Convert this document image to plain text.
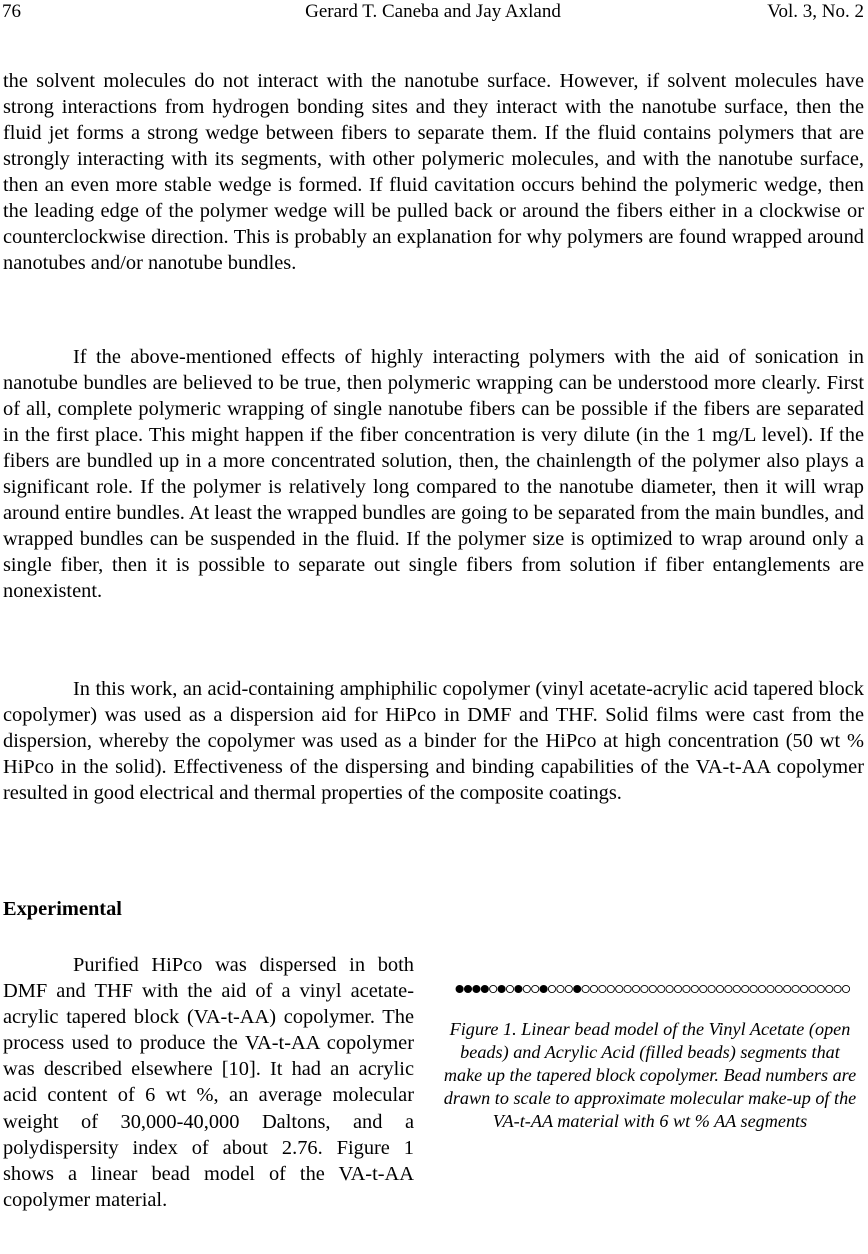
76	Gerard T. Caneba and Jay Axland	Vol. 3, No. 2

the solvent molecules do not interact with the nanotube surface. However, if solvent molecules have strong interactions from hydrogen bonding sites and they interact with the nanotube surface, then the fluid jet forms a strong wedge between fibers to separate them. If the fluid contains polymers that are strongly interacting with its segments, with other polymeric molecules, and with the nanotube surface, then an even more stable wedge is formed. If fluid cavitation occurs behind the polymeric wedge, then the leading edge of the polymer wedge will be pulled back or around the fibers either in a clockwise or counterclockwise direction. This is probably an explanation for why polymers are found wrapped around nanotubes and/or nanotube bundles.

If the above-mentioned effects of highly interacting polymers with the aid of sonication in nanotube bundles are believed to be true, then polymeric wrapping can be understood more clearly. First of all, complete polymeric wrapping of single nanotube fibers can be possible if the fibers are separated in the first place. This might happen if the fiber concentration is very dilute (in the 1 mg/L level). If the fibers are bundled up in a more concentrated solution, then, the chainlength of the polymer also plays a significant role. If the polymer is relatively long compared to the nanotube diameter, then it will wrap around entire bundles. At least the wrapped bundles are going to be separated from the main bundles, and wrapped bundles can be suspended in the fluid. If the polymer size is optimized to wrap around only a single fiber, then it is possible to separate out single fibers from solution if fiber entanglements are nonexistent.

In this work, an acid-containing amphiphilic copolymer (vinyl acetate-acrylic acid tapered block copolymer) was used as a dispersion aid for HiPco in DMF and THF. Solid films were cast from the dispersion, whereby the copolymer was used as a binder for the HiPco at high concentration (50 wt % HiPco in the solid). Effectiveness of the dispersing and binding capabilities of the VA-t-AA copolymer resulted in good electrical and thermal properties of the composite coatings.

Experimental

Purified HiPco was dispersed in both DMF and THF with the aid of a vinyl acetate-acrylic tapered block (VA-t-AA) copolymer. The process used to produce the VA-t-AA copolymer was described elsewhere [10]. It had an acrylic acid content of 6 wt %, an average molecular weight of 30,000-40,000 Daltons, and a polydispersity index of about 2.76. Figure 1 shows a linear bead model of the VA-t-AA copolymer material.

Figure 1. Linear bead model of the Vinyl Acetate (open beads) and Acrylic Acid (filled beads) segments that make up the tapered block copolymer. Bead numbers are drawn to scale to approximate molecular make-up of the VA-t-AA material with 6 wt % AA segments
